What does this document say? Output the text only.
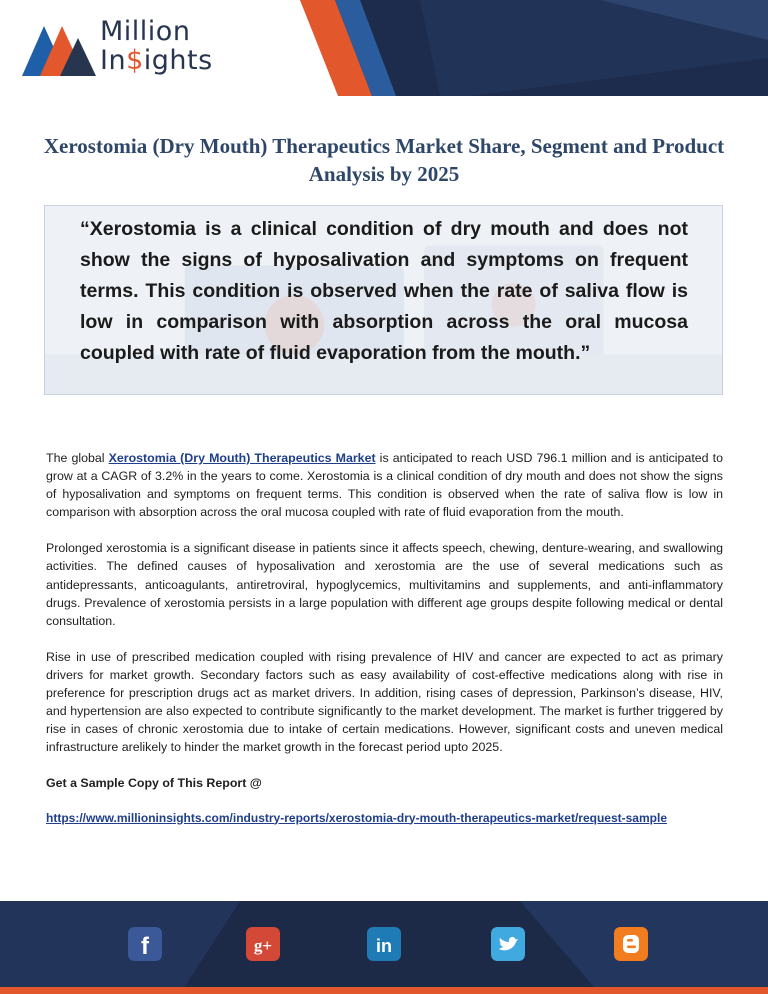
Million
In$ights
Xerostomia (Dry Mouth) Therapeutics Market Share, Segment and Product Analysis by 2025

“Xerostomia is a clinical condition of dry mouth and does not show the signs of hyposalivation and symptoms on frequent terms. This condition is observed when the rate of saliva flow is low in comparison with absorption across the oral mucosa coupled with rate of fluid evaporation from the mouth.”

The global Xerostomia (Dry Mouth) Therapeutics Market is anticipated to reach USD 796.1 million and is anticipated to grow at a CAGR of 3.2% in the years to come. Xerostomia is a clinical condition of dry mouth and does not show the signs of hyposalivation and symptoms on frequent terms. This condition is observed when the rate of saliva flow is low in comparison with absorption across the oral mucosa coupled with rate of fluid evaporation from the mouth.

Prolonged xerostomia is a significant disease in patients since it affects speech, chewing, denture-wearing, and swallowing activities. The defined causes of hyposalivation and xerostomia are the use of several medications such as antidepressants, anticoagulants, antiretroviral, hypoglycemics, multivitamins and supplements, and anti-inflammatory drugs. Prevalence of xerostomia persists in a large population with different age groups despite following medical or dental consultation.

Rise in use of prescribed medication coupled with rising prevalence of HIV and cancer are expected to act as primary drivers for market growth. Secondary factors such as easy availability of cost-effective medications along with rise in preference for prescription drugs act as market drivers. In addition, rising cases of depression, Parkinson’s disease, HIV, and hypertension are also expected to contribute significantly to the market development. The market is further triggered by rise in cases of chronic xerostomia due to intake of certain medications. However, significant costs and uneven medical infrastructure arelikely to hinder the market growth in the forecast period upto 2025.

Get a Sample Copy of This Report @
https://www.millioninsights.com/industry-reports/xerostomia-dry-mouth-therapeutics-market/request-sample
f	g+	in
